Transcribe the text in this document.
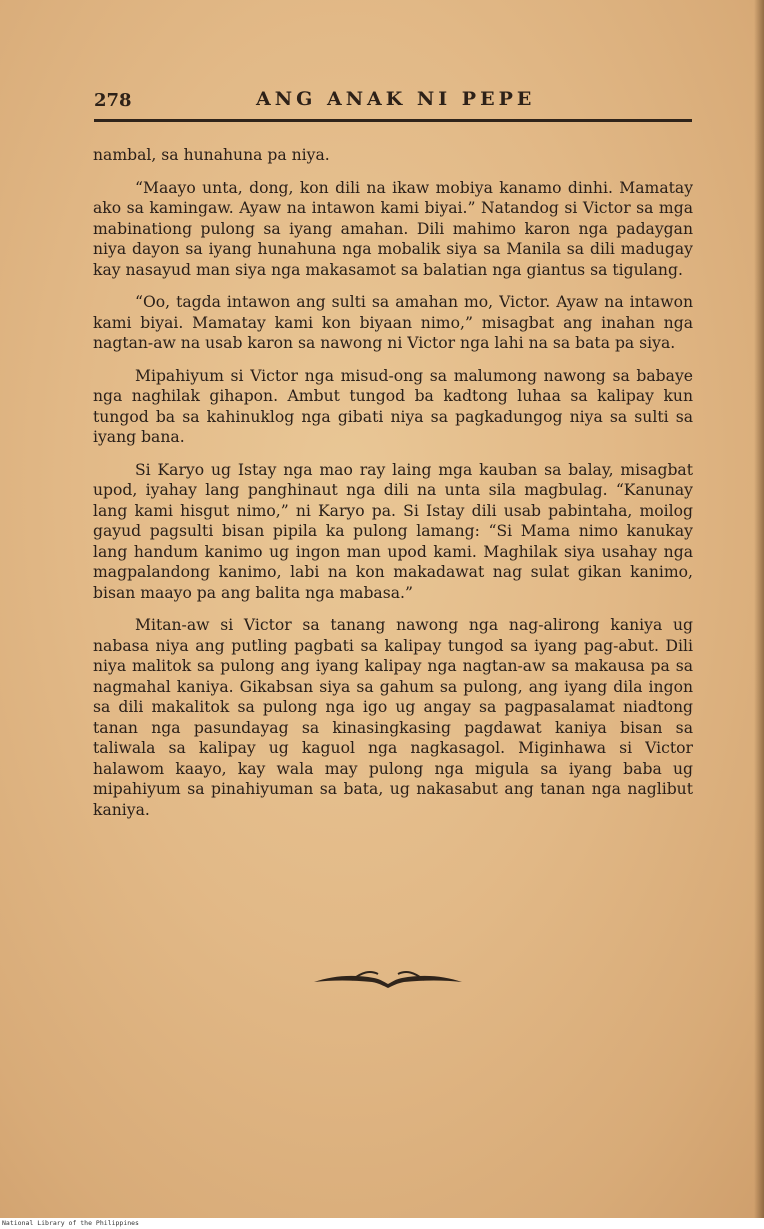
278	ANG ANAK NI PEPE

nambal, sa hunahuna pa niya.

“Maayo unta, dong, kon dili na ikaw mobiya kanamo dinhi. Mamatay ako sa kamingaw. Ayaw na intawon kami biyai.” Natandog si Victor sa mga mabinationg pulong sa iyang amahan. Dili mahimo karon nga padaygan niya dayon sa iyang hunahuna nga mobalik siya sa Manila sa dili madugay kay nasayud man siya nga makasamot sa balatian nga giantus sa tigulang.

“Oo, tagda intawon ang sulti sa amahan mo, Victor. Ayaw na intawon kami biyai. Mamatay kami kon biyaan nimo,” misagbat ang inahan nga nagtan-aw na usab karon sa nawong ni Victor nga lahi na sa bata pa siya.

Mipahiyum si Victor nga misud-ong sa malumong nawong sa babaye nga naghilak gihapon. Ambut tungod ba kadtong luhaa sa kalipay kun tungod ba sa kahinuklog nga gibati niya sa pagkadungog niya sa sulti sa iyang bana.

Si Karyo ug Istay nga mao ray laing mga kauban sa balay, misagbat upod, iyahay lang panghinaut nga dili na unta sila magbulag. “Kanunay lang kami hisgut nimo,” ni Karyo pa. Si Istay dili usab pabintaha, moilog gayud pagsulti bisan pipila ka pulong lamang: “Si Mama nimo kanukay lang handum kanimo ug ingon man upod kami. Maghilak siya usahay nga magpalandong kanimo, labi na kon makadawat nag sulat gikan kanimo, bisan maayo pa ang balita nga mabasa.”

Mitan-aw si Victor sa tanang nawong nga nag-alirong kaniya ug nabasa niya ang putling pagbati sa kalipay tungod sa iyang pag-abut. Dili niya malitok sa pulong ang iyang kalipay nga nagtan-aw sa makausa pa sa nagmahal kaniya. Gikabsan siya sa gahum sa pulong, ang iyang dila ingon sa dili makalitok sa pulong nga igo ug angay sa pagpasalamat niadtong tanan nga pasundayag sa kinasingkasing pagdawat kaniya bisan sa taliwala sa kalipay ug kaguol nga nagkasagol. Miginhawa si Victor halawom kaayo, kay wala may pulong nga migula sa iyang baba ug mipahiyum sa pinahiyuman sa bata, ug nakasabut ang tanan nga naglibut kaniya.

National Library of the Philippines
